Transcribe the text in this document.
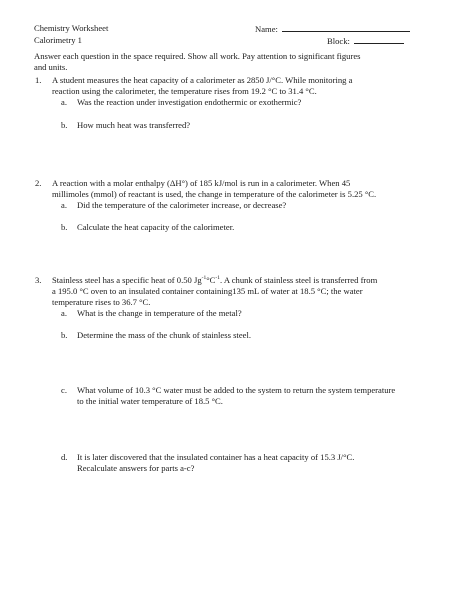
Chemistry Worksheet
Calorimetry 1
Name:
Block:
Answer each question in the space required. Show all work. Pay attention to significant figures
and units.
1. A student measures the heat capacity of a calorimeter as 2850 J/°C. While monitoring a
reaction using the calorimeter, the temperature rises from 19.2 °C to 31.4 °C.
a. Was the reaction under investigation endothermic or exothermic?
b. How much heat was transferred?
2. A reaction with a molar enthalpy (ΔH°) of 185 kJ/mol is run in a calorimeter. When 45
millimoles (mmol) of reactant is used, the change in temperature of the calorimeter is 5.25 °C.
a. Did the temperature of the calorimeter increase, or decrease?
b. Calculate the heat capacity of the calorimeter.
3. Stainless steel has a specific heat of 0.50 $Jg^{-1}^\circ C^{-1}$. A chunk of stainless steel is transferred from
a 195.0 °C oven to an insulated container containing135 mL of water at 18.5 °C; the water
temperature rises to 36.7 °C.
a. What is the change in temperature of the metal?
b. Determine the mass of the chunk of stainless steel.
c. What volume of 10.3 °C water must be added to the system to return the system temperature
to the initial water temperature of 18.5 °C.
d. It is later discovered that the insulated container has a heat capacity of 15.3 J/°C.
Recalculate answers for parts a-c?
